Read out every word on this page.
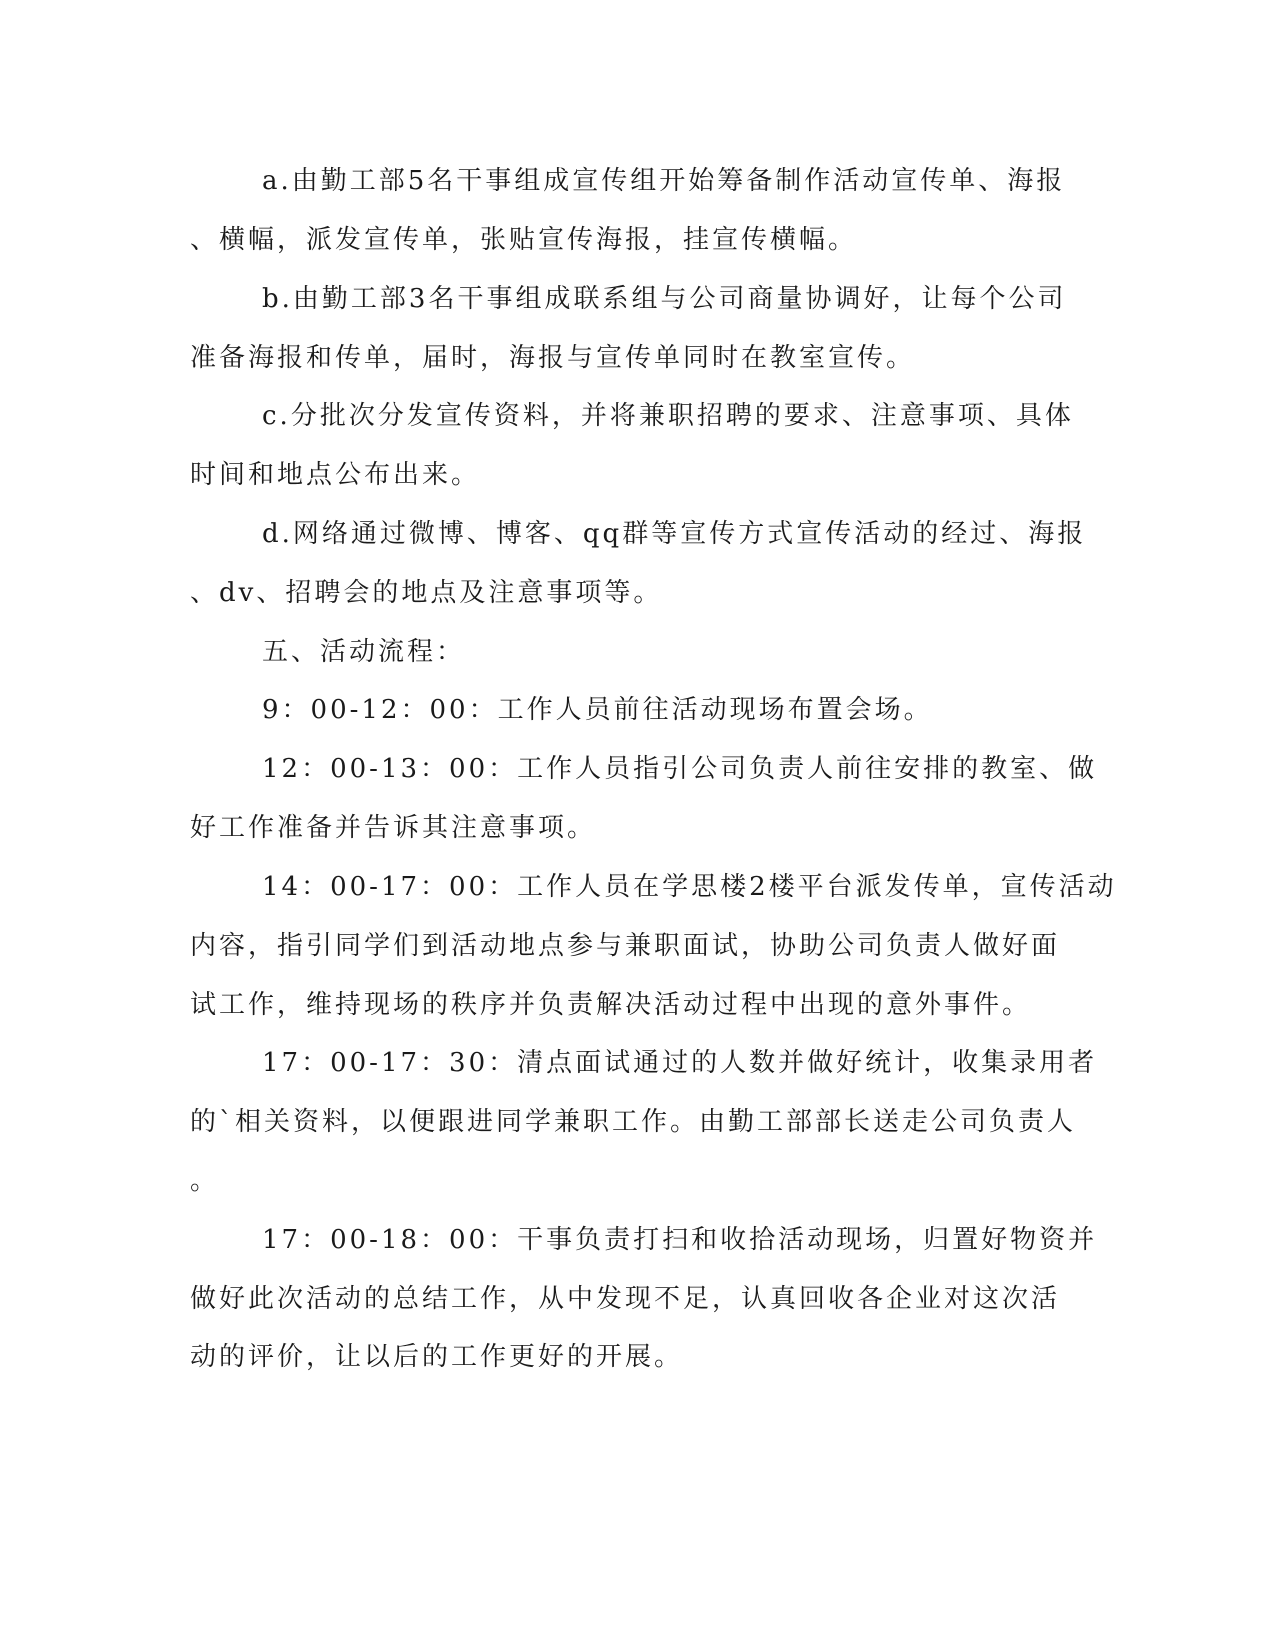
a.由勤工部5名干事组成宣传组开始筹备制作活动宣传单、海报
、横幅，派发宣传单，张贴宣传海报，挂宣传横幅。
b.由勤工部3名干事组成联系组与公司商量协调好，让每个公司
准备海报和传单，届时，海报与宣传单同时在教室宣传。
c.分批次分发宣传资料，并将兼职招聘的要求、注意事项、具体
时间和地点公布出来。
d.网络通过微博、博客、qq群等宣传方式宣传活动的经过、海报
、dv、招聘会的地点及注意事项等。
五、活动流程：
9：00-12：00：工作人员前往活动现场布置会场。
12：00-13：00：工作人员指引公司负责人前往安排的教室、做
好工作准备并告诉其注意事项。
14：00-17：00：工作人员在学思楼2楼平台派发传单，宣传活动
内容，指引同学们到活动地点参与兼职面试，协助公司负责人做好面
试工作，维持现场的秩序并负责解决活动过程中出现的意外事件。
17：00-17：30：清点面试通过的人数并做好统计，收集录用者
的`相关资料，以便跟进同学兼职工作。由勤工部部长送走公司负责人
。
17：00-18：00：干事负责打扫和收拾活动现场，归置好物资并
做好此次活动的总结工作，从中发现不足，认真回收各企业对这次活
动的评价，让以后的工作更好的开展。
